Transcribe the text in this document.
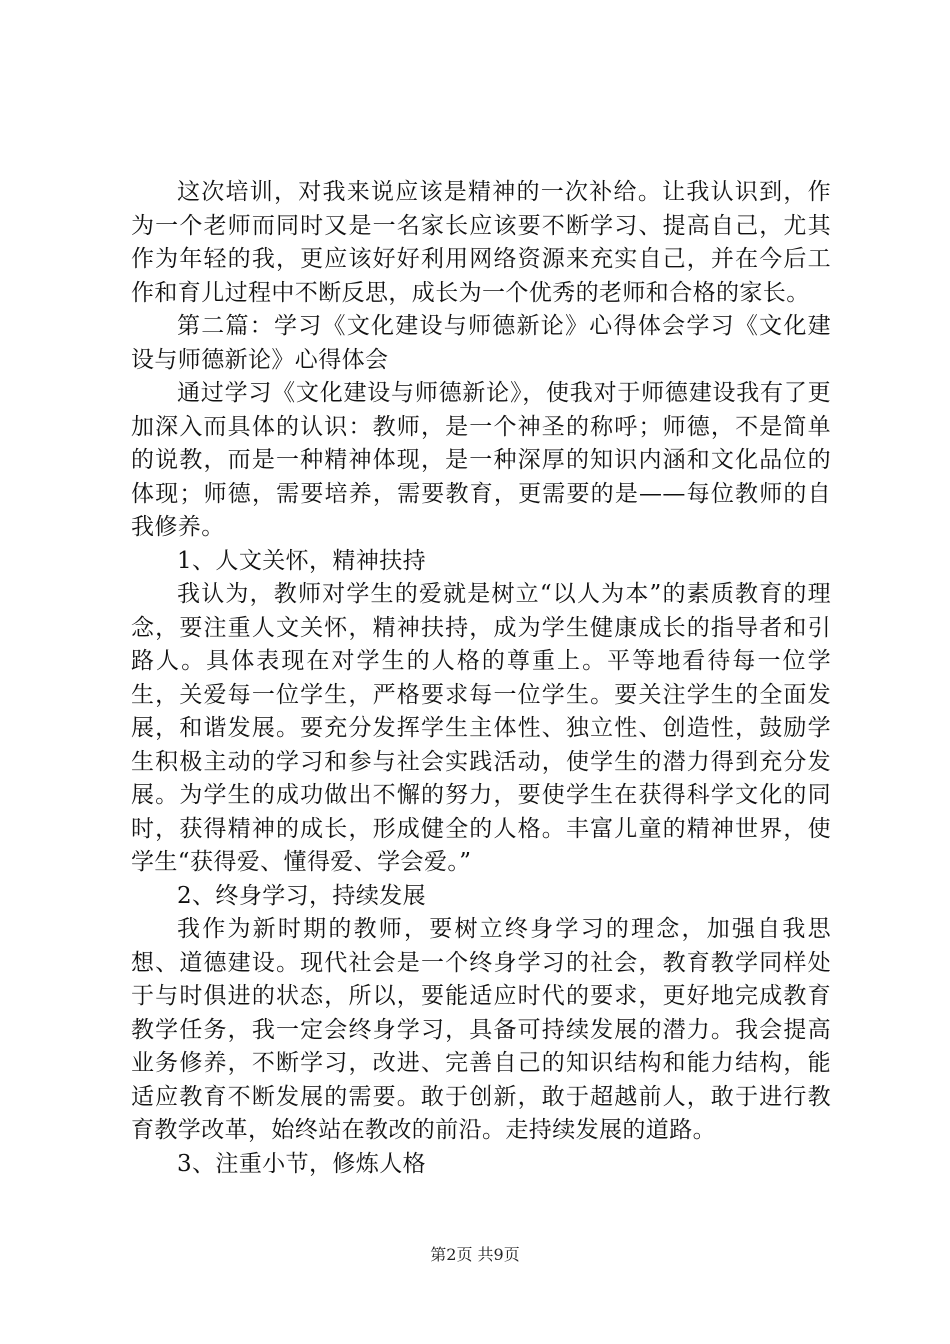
这次培训，对我来说应该是精神的一次补给。让我认识到，作为一个老师而同时又是一名家长应该要不断学习、提高自己，尤其作为年轻的我，更应该好好利用网络资源来充实自己，并在今后工作和育儿过程中不断反思，成长为一个优秀的老师和合格的家长。

第二篇：学习《文化建设与师德新论》心得体会学习《文化建设与师德新论》心得体会

通过学习《文化建设与师德新论》，使我对于师德建设我有了更加深入而具体的认识：教师，是一个神圣的称呼；师德，不是简单的说教，而是一种精神体现，是一种深厚的知识内涵和文化品位的体现；师德，需要培养，需要教育，更需要的是——每位教师的自我修养。

1、人文关怀，精神扶持

我认为，教师对学生的爱就是树立“以人为本”的素质教育的理念，要注重人文关怀，精神扶持，成为学生健康成长的指导者和引路人。具体表现在对学生的人格的尊重上。平等地看待每一位学生，关爱每一位学生，严格要求每一位学生。要关注学生的全面发展，和谐发展。要充分发挥学生主体性、独立性、创造性，鼓励学生积极主动的学习和参与社会实践活动，使学生的潜力得到充分发展。为学生的成功做出不懈的努力，要使学生在获得科学文化的同时，获得精神的成长，形成健全的人格。丰富儿童的精神世界，使学生“获得爱、懂得爱、学会爱。”

2、终身学习，持续发展

我作为新时期的教师，要树立终身学习的理念，加强自我思想、道德建设。现代社会是一个终身学习的社会，教育教学同样处于与时俱进的状态，所以，要能适应时代的要求，更好地完成教育教学任务，我一定会终身学习，具备可持续发展的潜力。我会提高业务修养，不断学习，改进、完善自己的知识结构和能力结构，能适应教育不断发展的需要。敢于创新，敢于超越前人，敢于进行教育教学改革，始终站在教改的前沿。走持续发展的道路。

3、注重小节，修炼人格

第2页 共9页
